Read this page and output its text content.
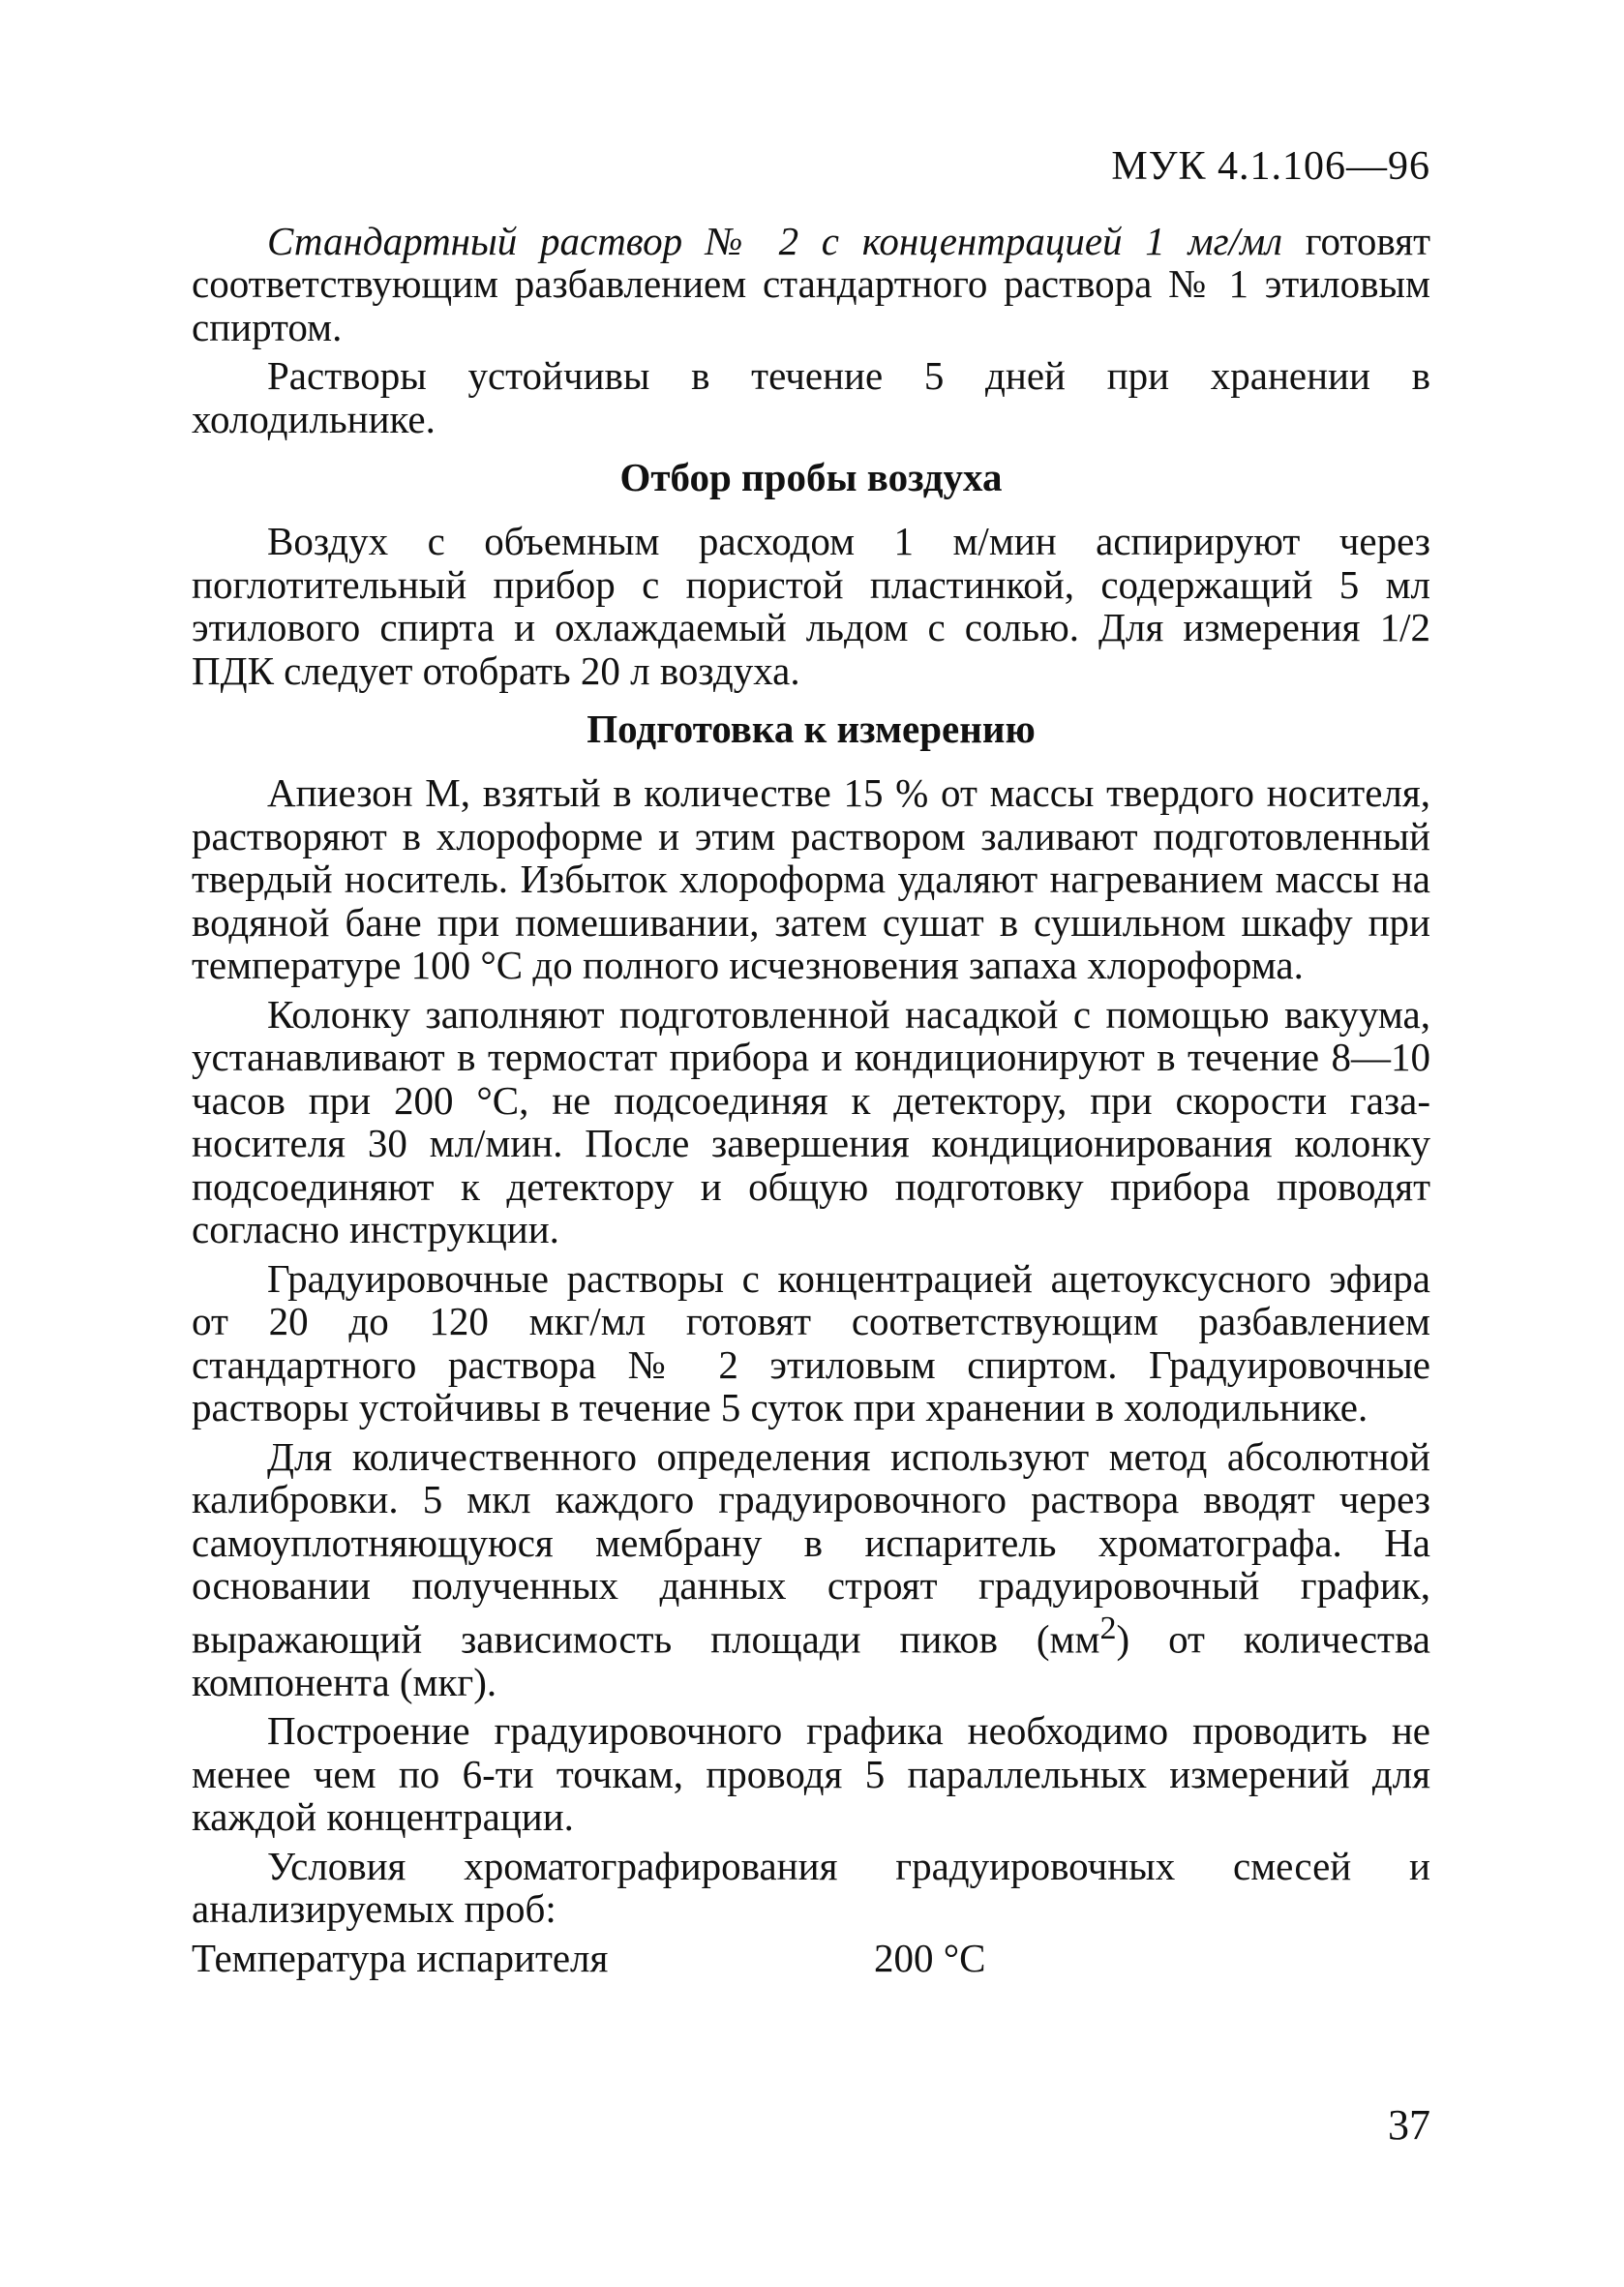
МУК 4.1.106—96

Стандартный раствор № 2 с концентрацией 1 мг/мл готовят соответствующим разбавлением стандартного раствора № 1 этиловым спиртом.

Растворы устойчивы в течение 5 дней при хранении в холодильнике.

Отбор пробы воздуха

Воздух с объемным расходом 1 м/мин аспирируют через поглотительный прибор с пористой пластинкой, содержащий 5 мл этилового спирта и охлаждаемый льдом с солью. Для измерения 1/2 ПДК следует отобрать 20 л воздуха.

Подготовка к измерению

Апиезон М, взятый в количестве 15 % от массы твердого носителя, растворяют в хлороформе и этим раствором заливают подготовленный твердый носитель. Избыток хлороформа удаляют нагреванием массы на водяной бане при помешивании, затем сушат в сушильном шкафу при температуре 100 °С до полного исчезновения запаха хлороформа.

Колонку заполняют подготовленной насадкой с помощью вакуума, устанавливают в термостат прибора и кондиционируют в течение 8—10 часов при 200 °С, не подсоединяя к детектору, при скорости газа-носителя 30 мл/мин. После завершения кондиционирования колонку подсоединяют к детектору и общую подготовку прибора проводят согласно инструкции.

Градуировочные растворы с концентрацией ацетоуксусного эфира от 20 до 120 мкг/мл готовят соответствующим разбавлением стандартного раствора № 2 этиловым спиртом. Градуировочные растворы устойчивы в течение 5 суток при хранении в холодильнике.

Для количественного определения используют метод абсолютной калибровки. 5 мкл каждого градуировочного раствора вводят через самоуплотняющуюся мембрану в испаритель хроматографа. На основании полученных данных строят градуировочный график, выражающий зависимость площади пиков $(мм^2)$ от количества компонента (мкг).

Построение градуировочного графика необходимо проводить не менее чем по 6-ти точкам, проводя 5 параллельных измерений для каждой концентрации.

Условия хроматографирования градуировочных смесей и анализируемых проб:

Температура испарителя	200 °С
37
